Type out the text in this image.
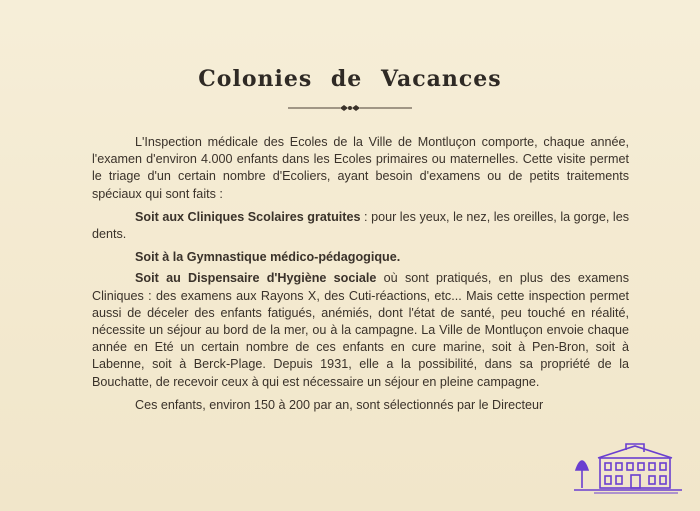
Colonies de Vacances

L'Inspection médicale des Ecoles de la Ville de Montluçon comporte, chaque année, l'examen d'environ 4.000 enfants dans les Ecoles primaires ou maternelles. Cette visite permet le triage d'un certain nombre d'Ecoliers, ayant besoin d'examens ou de petits traitements spéciaux qui sont faits :

Soit aux Cliniques Scolaires gratuites : pour les yeux, le nez, les oreilles, la gorge, les dents.

Soit à la Gymnastique médico-pédagogique.

Soit au Dispensaire d'Hygiène sociale où sont pratiqués, en plus des examens Cliniques : des examens aux Rayons X, des Cuti-réactions, etc... Mais cette inspection permet aussi de déceler des enfants fatigués, anémiés, dont l'état de santé, peu touché en réalité, nécessite un séjour au bord de la mer, ou à la campagne. La Ville de Montluçon envoie chaque année en Eté un certain nombre de ces enfants en cure marine, soit à Pen-Bron, soit à Labenne, soit à Berck-Plage. Depuis 1931, elle a la possibilité, dans sa propriété de la Bouchatte, de recevoir ceux à qui est nécessaire un séjour en pleine campagne.

Ces enfants, environ 150 à 200 par an, sont sélectionnés par le Directeur
